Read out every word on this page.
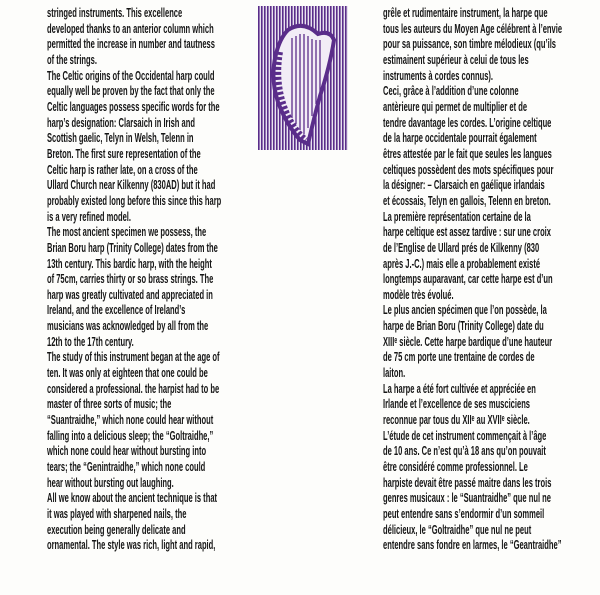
stringed instruments. This excellence
developed thanks to an anterior column which
permitted the increase in number and tautness
of the strings.
The Celtic origins of the Occidental harp could
equally well be proven by the fact that only the
Celtic languages possess specific words for the
harp’s designation: Clarsaich in Irish and
Scottish gaelic, Telyn in Welsh, Telenn in
Breton. The first sure representation of the
Celtic harp is rather late, on a cross of the
Ullard Church near Kilkenny (830AD) but it had
probably existed long before this since this harp
is a very refined model.
The most ancient specimen we possess, the
Brian Boru harp (Trinity College) dates from the
13th century. This bardic harp, with the height
of 75cm, carries thirty or so brass strings. The
harp was greatly cultivated and appreciated in
Ireland, and the excellence of Ireland’s
musicians was acknowledged by all from the
12th to the 17th century.
The study of this instrument began at the age of
ten. It was only at eighteen that one could be
considered a professional. the harpist had to be
master of three sorts of music; the
“Suantraidhe,” which none could hear without
falling into a delicious sleep; the “Goltraidhe,”
which none could hear without bursting into
tears; the “Genintraidhe,” which none could
hear without bursting out laughing.
All we know about the ancient technique is that
it was played with sharpened nails, the
execution being generally delicate and
ornamental. The style was rich, light and rapid,
grêle et rudimentaire instrument, la harpe que
tous les auteurs du Moyen Age célébrent à l’envie
pour sa puissance, son timbre mélodieux (qu’ils
estimainent supérieur à celui de tous les
instruments à cordes connus).
Ceci, grâce à l’addition d’une colonne
antèrieure qui permet de multiplier et de
tendre davantage les cordes. L’origine celtique
de la harpe occidentale pourrait également
êtres attestée par le fait que seules les langues
celtiques possèdent des mots spécifiques pour
la désigner: – Clarsaich en gaélique irlandais
et écossais, Telyn en gallois, Telenn en breton.
La première représentation certaine de la
harpe celtique est assez tardive : sur une croix
de l’Englise de Ullard prés de Kilkenny (830
après J.-C.) mais elle a probablement existé
longtemps auparavant, car cette harpe est d’un
modèle très évolué.
Le plus ancien spécimen que l’on possède, la
harpe de Brian Boru (Trinity College) date du
XIIIᵉ siècle. Cette harpe bardique d’une hauteur
de 75 cm porte une trentaine de cordes de
laiton.
La harpe a été fort cultivée et appréciée en
Irlande et l’excellence de ses musciciens
reconnue par tous du XIIᵉ au XVIIᵉ siècle.
L’étude de cet instrument commençait à l’âge
de 10 ans. Ce n’est qu’à 18 ans qu’on pouvait
être considéré comme professionnel. Le
harpiste devait être passé maitre dans les trois
genres musicaux : le “Suantraidhe” que nul ne
peut entendre sans s’endormir d’un sommeil
délicieux, le “Goltraidhe” que nul ne peut
entendre sans fondre en larmes, le “Geantraidhe”
